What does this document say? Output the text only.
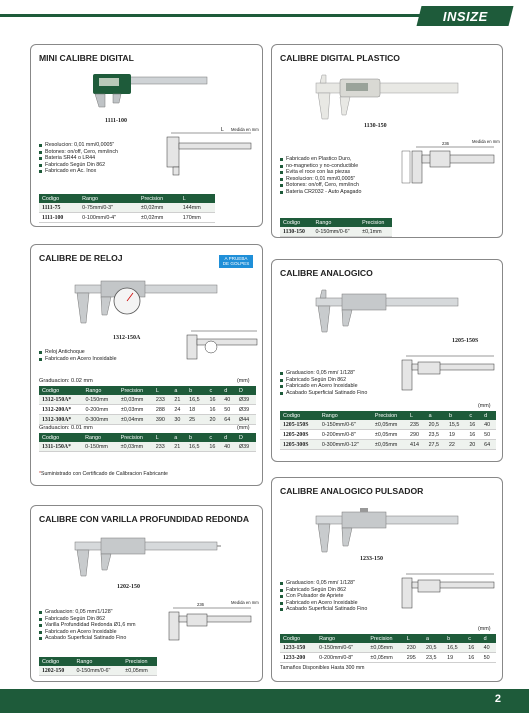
INSIZE
2
MINI CALIBRE DIGITAL
1111-100
L Medida en mm
Resolucion: 0,01 mm/0,0005"
Botones: on/off, Cero, mm/inch
Bateria SR44 o LR44
Fabricado Según Din 862
Fabricado en Ac. Inox
Codigo	Rango	Precision	L
1111-75	0-75mm/0-3"	±0,02mm	144mm
1111-100	0-100mm/0-4"	±0,02mm	170mm
CALIBRE DIGITAL PLASTICO
1130-150
236	Medida en mm
Fabricado en Plastico Duro,
no-magnetico y no-conductible
Evita el roce con las piezas
Resolucion: 0,01 mm/0,0005"
Botones: on/off, Cero, mm/inch
Bateria CR2032 - Auto Apagado
Codigo	Rango	Precision
1130-150	0-150mm/0-6"	±0,1mm
CALIBRE DE RELOJ	A PRUEBA DE GOLPES
1312-150A
Reloj Antichoque
Fabricado en Acero Inoxidable
Graduacion: 0.02 mm	(mm)
Codigo	Rango	Precision	L	a	b	c	d	D
1312-150A*	0-150mm	±0,03mm	233	21	16,5	16	40	Ø39
1312-200A*	0-200mm	±0,03mm	288	24	18	16	50	Ø39
1312-300A*	0-300mm	±0,04mm	390	30	25	20	64	Ø44
Graduacion: 0.01 mm	(mm)
Codigo	Rango	Precision	L	a	b	c	d	D
1311-150A*	0-150mm	±0,03mm	233	21	16,5	16	40	Ø39
*Suministrado con Certificado de Calibracion Fabricante
CALIBRE ANALOGICO
1205-150S
Graduacion: 0,05 mm/ 1/128"
Fabricado Según Din 862
Fabricado en Acero Inoxidable
Acabado Superficial Satinado Fino
(mm)
Codigo	Rango	Precision	L	a	b	c	d
1205-150S	0-150mm/0-6"	±0,05mm	235	20,5	15,5	16	40
1205-200S	0-200mm/0-8"	±0,05mm	290	23,5	19	16	50
1205-300S	0-300mm/0-12"	±0,05mm	414	27,5	22	20	64
CALIBRE CON VARILLA PROFUNDIDAD REDONDA
1202-150
236	Medida en mm
Graduacion: 0,05 mm/1/128"
Fabricado Según Din 862
Varilla Profundidad Redonda Ø1,6 mm
Fabricado en Acero Inoxidable
Acabado Superficial Satinado Fino
Codigo	Rango	Precision
1202-150	0-150mm/0-6"	±0,05mm
CALIBRE ANALOGICO PULSADOR
1233-150
Graduacion: 0,05 mm/ 1/128"
Fabricado Según Din 862
Con Pulsador de Apriete
Fabricado en Acero Inoxidable
Acabado Superficial Satinado Fino
(mm)
Codigo	Rango	Precision	L	a	b	c	d
1233-150	0-150mm/0-6"	±0,05mm	230	20,5	16,5	16	40
1233-200	0-200mm/0-8"	±0,05mm	295	23,5	19	16	50
Tamaños Disponibles Hasta 300 mm
